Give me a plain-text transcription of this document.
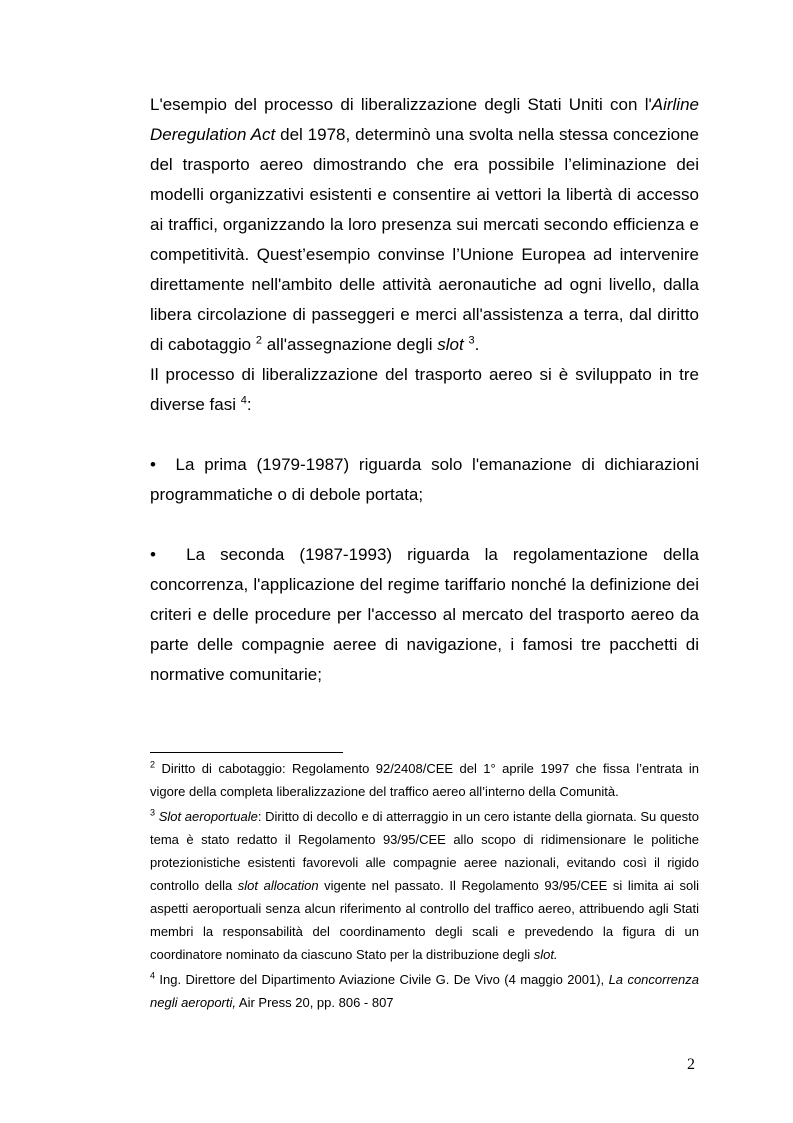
L'esempio del processo di liberalizzazione degli Stati Uniti con l'Airline Deregulation Act del 1978, determinò una svolta nella stessa concezione del trasporto aereo dimostrando che era possibile l’eliminazione dei modelli organizzativi esistenti e consentire ai vettori la libertà di accesso ai traffici, organizzando la loro presenza sui mercati secondo efficienza e competitività. Quest’esempio convinse l’Unione Europea ad intervenire direttamente nell'ambito delle attività aeronautiche ad ogni livello, dalla libera circolazione di passeggeri e merci all'assistenza a terra, dal diritto di cabotaggio $^2$ all'assegnazione degli slot $^3$.

Il processo di liberalizzazione del trasporto aereo si è sviluppato in tre diverse fasi $^4$:

• La prima (1979-1987) riguarda solo l'emanazione di dichiarazioni programmatiche o di debole portata;

• La seconda (1987-1993) riguarda la regolamentazione della concorrenza, l'applicazione del regime tariffario nonché la definizione dei criteri e delle procedure per l'accesso al mercato del trasporto aereo da parte delle compagnie aeree di navigazione, i famosi tre pacchetti di normative comunitarie;

$^2$ Diritto di cabotaggio: Regolamento 92/2408/CEE del 1° aprile 1997 che fissa l’entrata in vigore della completa liberalizzazione del traffico aereo all’interno della Comunità.

$^3$ Slot aeroportuale: Diritto di decollo e di atterraggio in un cero istante della giornata. Su questo tema è stato redatto il Regolamento 93/95/CEE allo scopo di ridimensionare le politiche protezionistiche esistenti favorevoli alle compagnie aeree nazionali, evitando così il rigido controllo della slot allocation vigente nel passato. Il Regolamento 93/95/CEE si limita ai soli aspetti aeroportuali senza alcun riferimento al controllo del traffico aereo, attribuendo agli Stati membri la responsabilità del coordinamento degli scali e prevedendo la figura di un coordinatore nominato da ciascuno Stato per la distribuzione degli slot.

$^4$ Ing. Direttore del Dipartimento Aviazione Civile G. De Vivo (4 maggio 2001), La concorrenza negli aeroporti, Air Press 20, pp. 806 - 807

2
